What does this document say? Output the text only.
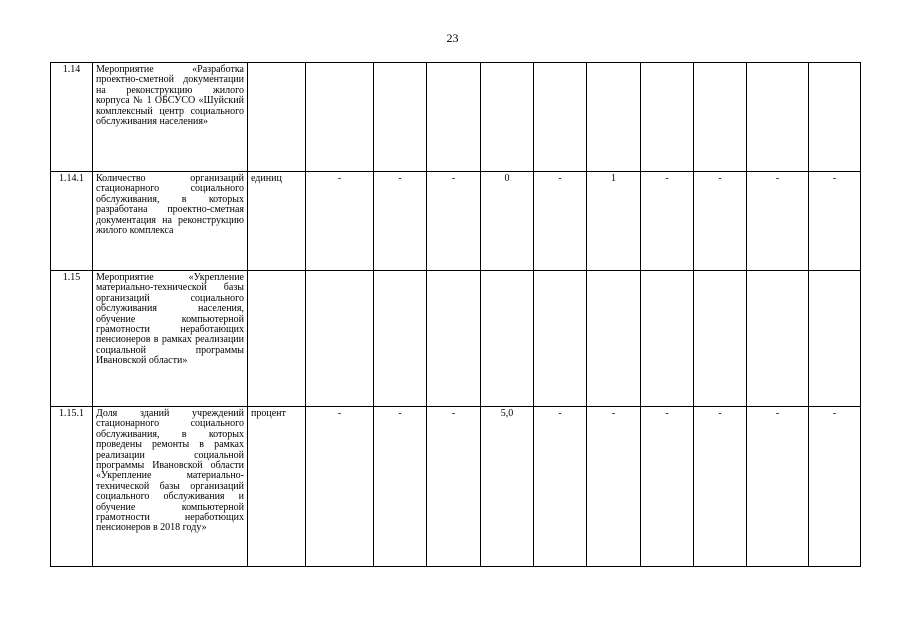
23
1.14	Мероприятие «Разработка проектно-сметной документации на реконструкцию жилого корпуса № 1 ОБСУСО «Шуйский комплексный центр социального обслуживания населения»											
1.14.1	Количество организаций стационарного социального обслуживания, в которых разработана проектно-сметная документация на реконструкцию жилого комплекса	единиц	-	-	-	0	-	1	-	-	-	-
1.15	Мероприятие «Укрепление материально-технической базы организаций социального обслуживания населения, обучение компьютерной грамотности неработающих пенсионеров в рамках реализации социальной программы Ивановской области»											
1.15.1	Доля зданий учреждений стационарного социального обслуживания, в которых проведены ремонты в рамках реализации социальной программы Ивановской области «Укрепление материально-технической базы организаций социального обслуживания и обучение компьютерной грамотности неработющих пенсионеров в 2018 году»	процент	-	-	-	5,0	-	-	-	-	-	-
